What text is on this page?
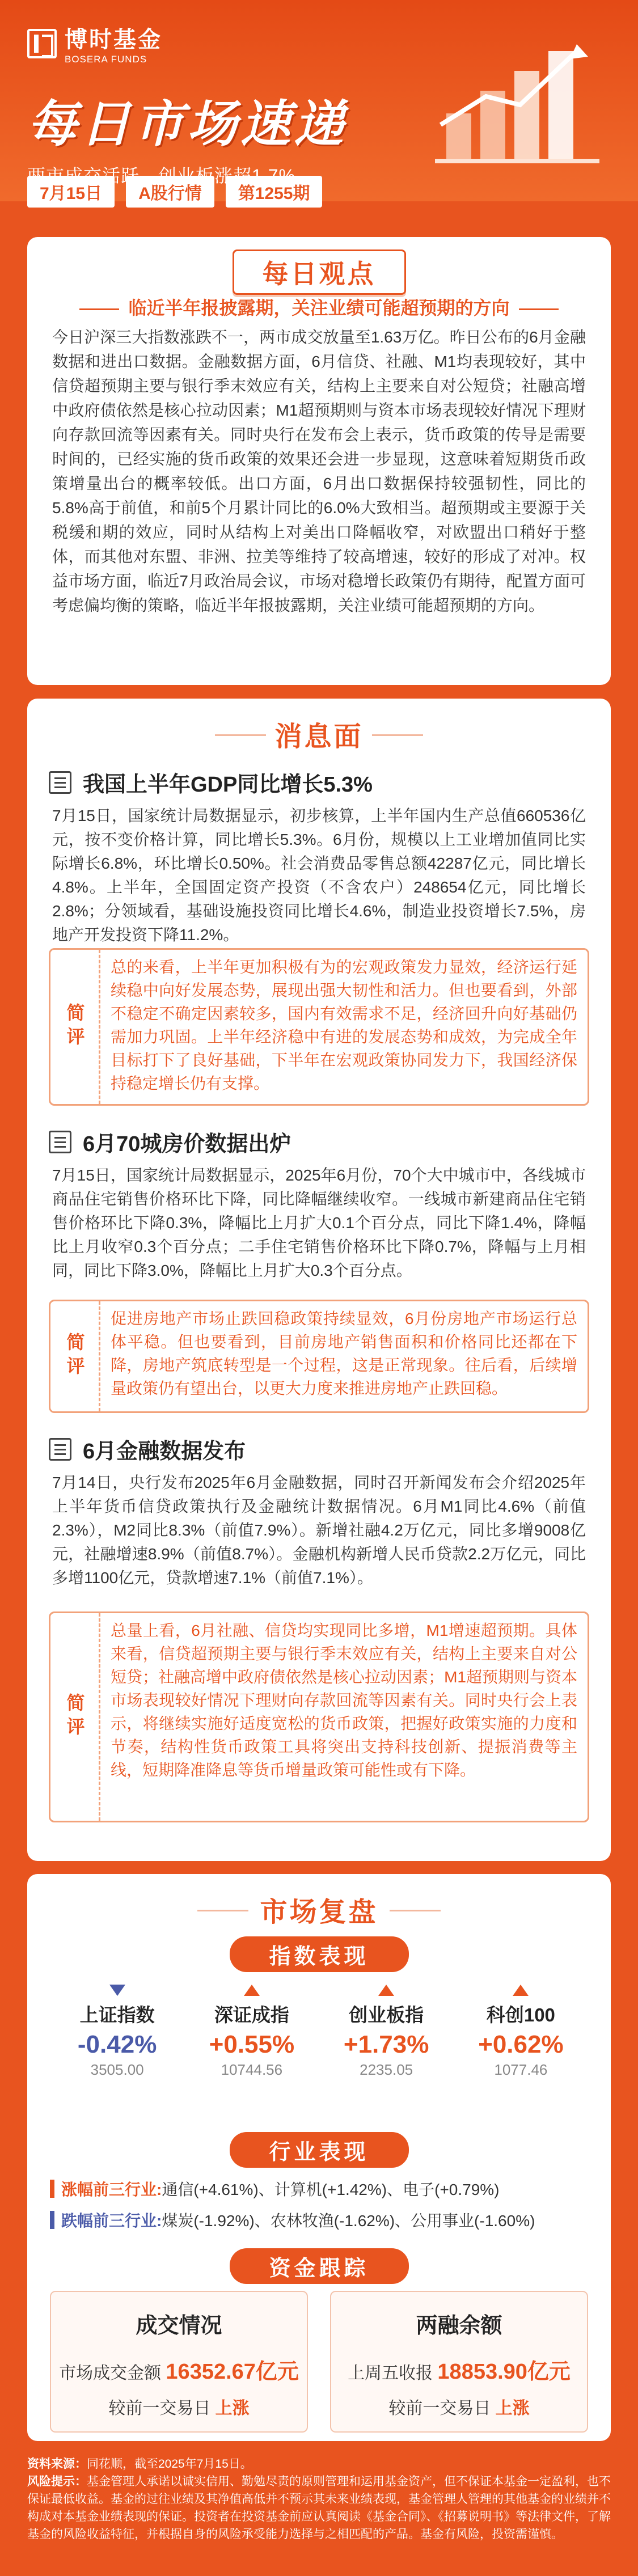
博时基金
BOSERA FUNDS
每日市场速递
7月15日	A股行情	第1255期
每日观点
临近半年报披露期，关注业绩可能超预期的方向
今日沪深三大指数涨跌不一，两市成交放量至1.63万亿。昨日公布的6月金融数据和进出口数据。金融数据方面，6月信贷、社融、M1均表现较好，其中信贷超预期主要与银行季末效应有关，结构上主要来自对公短贷；社融高增中政府债依然是核心拉动因素；M1超预期则与资本市场表现较好情况下理财向存款回流等因素有关。同时央行在发布会上表示，货币政策的传导是需要时间的，已经实施的货币政策的效果还会进一步显现，这意味着短期货币政策增量出台的概率较低。出口方面，6月出口数据保持较强韧性，同比的5.8%高于前值，和前5个月累计同比的6.0%大致相当。超预期或主要源于关税缓和期的效应，同时从结构上对美出口降幅收窄，对欧盟出口稍好于整体，而其他对东盟、非洲、拉美等维持了较高增速，较好的形成了对冲。权益市场方面，临近7月政治局会议，市场对稳增长政策仍有期待，配置方面可考虑偏均衡的策略，临近半年报披露期，关注业绩可能超预期的方向。
消息面
我国上半年GDP同比增长5.3%
7月15日，国家统计局数据显示，初步核算，上半年国内生产总值660536亿元，按不变价格计算，同比增长5.3%。6月份，规模以上工业增加值同比实际增长6.8%，环比增长0.50%。社会消费品零售总额42287亿元，同比增长4.8%。上半年，全国固定资产投资（不含农户）248654亿元，同比增长2.8%；分领域看，基础设施投资同比增长4.6%，制造业投资增长7.5%，房地产开发投资下降11.2%。
简评
总的来看，上半年更加积极有为的宏观政策发力显效，经济运行延续稳中向好发展态势，展现出强大韧性和活力。但也要看到，外部不稳定不确定因素较多，国内有效需求不足，经济回升向好基础仍需加力巩固。上半年经济稳中有进的发展态势和成效，为完成全年目标打下了良好基础，下半年在宏观政策协同发力下，我国经济保持稳定增长仍有支撑。
6月70城房价数据出炉
7月15日，国家统计局数据显示，2025年6月份，70个大中城市中，各线城市商品住宅销售价格环比下降，同比降幅继续收窄。一线城市新建商品住宅销售价格环比下降0.3%，降幅比上月扩大0.1个百分点，同比下降1.4%，降幅比上月收窄0.3个百分点；二手住宅销售价格环比下降0.7%，降幅与上月相同，同比下降3.0%，降幅比上月扩大0.3个百分点。
简评
促进房地产市场止跌回稳政策持续显效，6月份房地产市场运行总体平稳。但也要看到，目前房地产销售面积和价格同比还都在下降，房地产筑底转型是一个过程，这是正常现象。往后看，后续增量政策仍有望出台，以更大力度来推进房地产止跌回稳。
6月金融数据发布
7月14日，央行发布2025年6月金融数据，同时召开新闻发布会介绍2025年上半年货币信贷政策执行及金融统计数据情况。6月M1同比4.6%（前值2.3%），M2同比8.3%（前值7.9%）。新增社融4.2万亿元，同比多增9008亿元，社融增速8.9%（前值8.7%）。金融机构新增人民币贷款2.2万亿元，同比多增1100亿元，贷款增速7.1%（前值7.1%）。
简评
总量上看，6月社融、信贷均实现同比多增，M1增速超预期。具体来看，信贷超预期主要与银行季末效应有关，结构上主要来自对公短贷；社融高增中政府债依然是核心拉动因素；M1超预期则与资本市场表现较好情况下理财向存款回流等因素有关。同时央行会上表示，将继续实施好适度宽松的货币政策，把握好政策实施的力度和节奏，结构性货币政策工具将突出支持科技创新、提振消费等主线，短期降准降息等货币增量政策可能性或有下降。
市场复盘
指数表现
上证指数
-0.42%
3505.00
深证成指
+0.55%
10744.56
创业板指
+1.73%
2235.05
科创100
+0.62%
1077.46
行业表现
涨幅前三行业: 通信(+4.61%)、计算机(+1.42%)、电子(+0.79%)
跌幅前三行业: 煤炭(-1.92%)、农林牧渔(-1.62%)、公用事业(-1.60%)
资金跟踪
成交情况
市场成交金额 16352.67亿元
较前一交易日 上涨
两融余额
上周五收报 18853.90亿元
较前一交易日 上涨
资料来源：同花顺，截至2025年7月15日。
风险提示：基金管理人承诺以诚实信用、勤勉尽责的原则管理和运用基金资产，但不保证本基金一定盈利，也不保证最低收益。基金的过往业绩及其净值高低并不预示其未来业绩表现，基金管理人管理的其他基金的业绩并不构成对本基金业绩表现的保证。投资者在投资基金前应认真阅读《基金合同》、《招募说明书》等法律文件，了解基金的风险收益特征，并根据自身的风险承受能力选择与之相匹配的产品。基金有风险，投资需谨慎。
